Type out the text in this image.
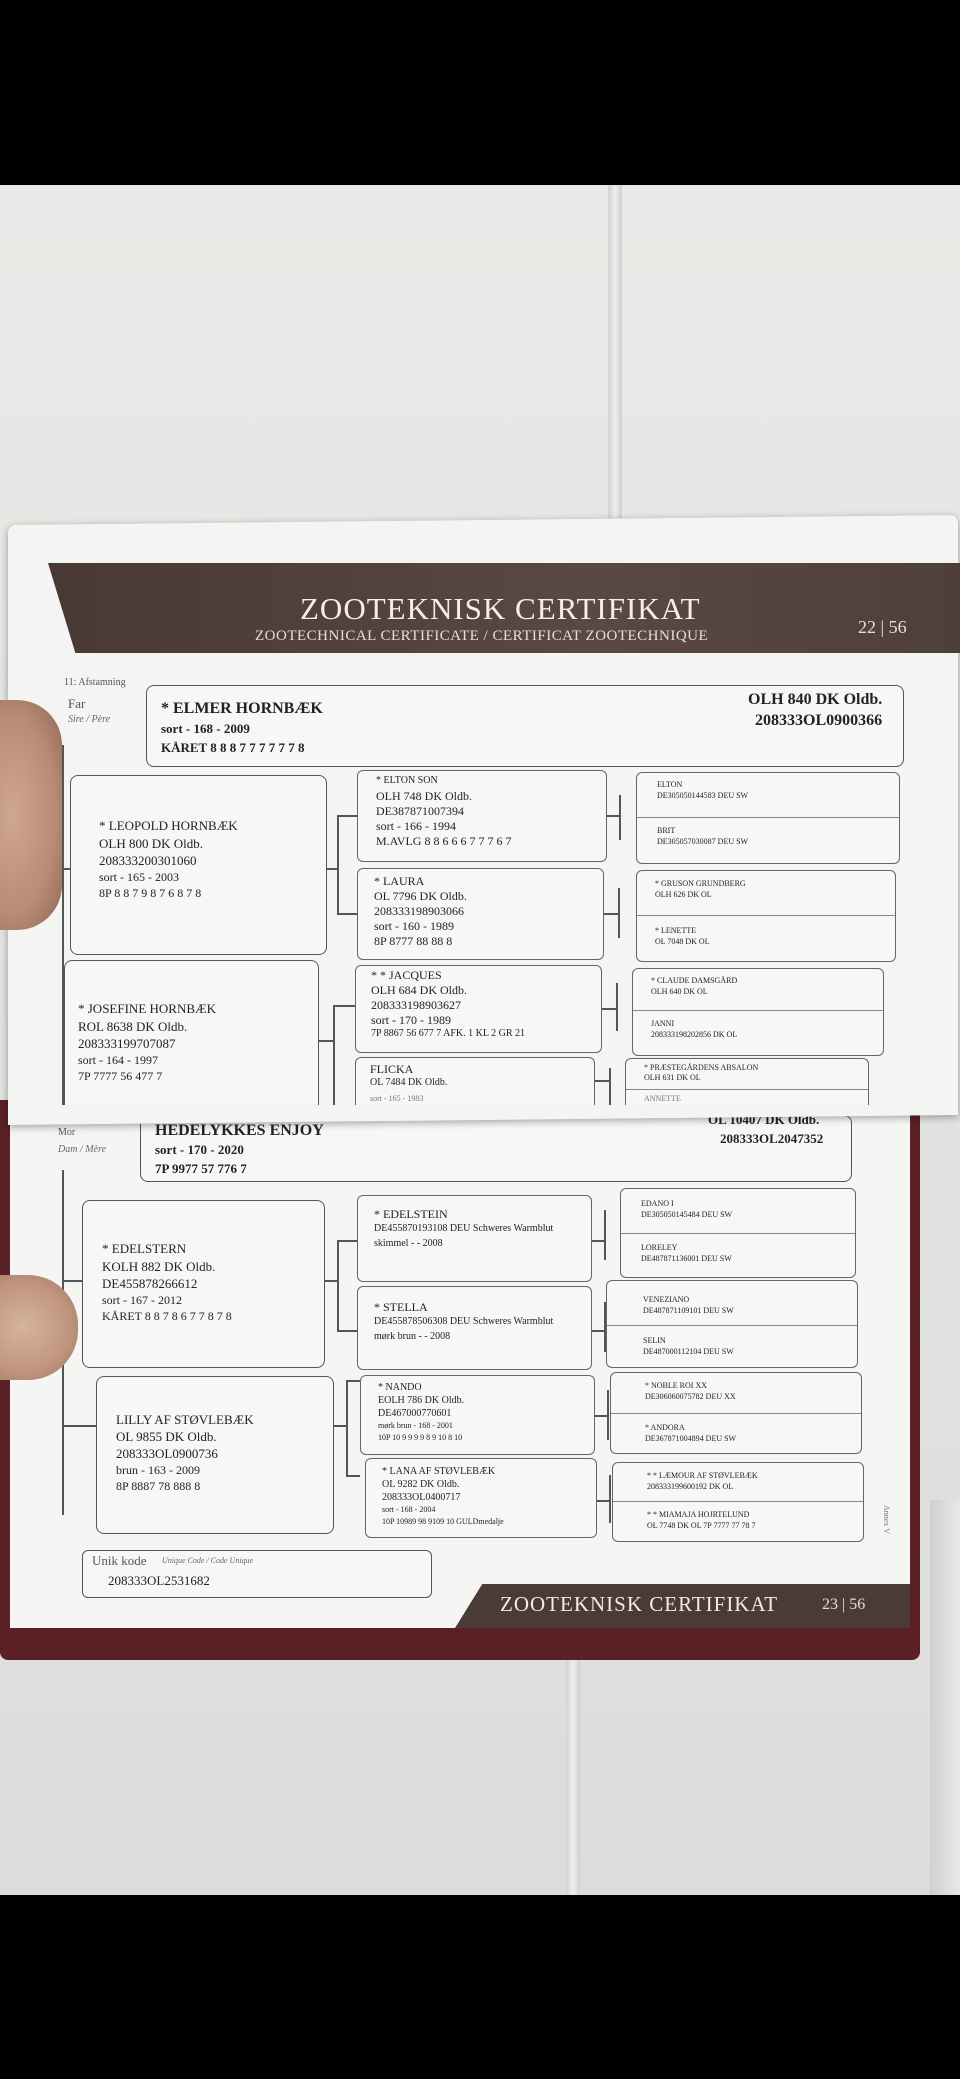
Mor
Dam / Mère
HEDELYKKES ENJOY
sort - 170 - 2020
7P 9977 57 776 7
OL 10407 DK Oldb.
208333OL2047352
* EDELSTERN
KOLH 882 DK Oldb.
DE455878266612
sort - 167 - 2012
KÅRET 8 8 7 8 6 7 7 8 7 8
LILLY AF STØVLEBÆK
OL 9855 DK Oldb.
208333OL0900736
brun - 163 - 2009
8P 8887 78 888 8
* EDELSTEIN
DE455870193108 DEU Schweres Warmblut
skimmel - - 2008
* STELLA
DE455878506308 DEU Schweres Warmblut
mørk brun - - 2008
* NANDO
EOLH 786 DK Oldb.
DE467000770601
mørk brun - 168 - 2001
10P 10 9 9 9 9 8 9 10 8 10
* LANA AF STØVLEBÆK
OL 9282 DK Oldb.
208333OL0400717
sort - 168 - 2004
10P 10989 98 9109 10 GULDmedalje
EDANO I
DE305050145484 DEU SW
LORELEY
DE487871136001 DEU SW
VENEZIANO
DE487871109101 DEU SW
SELIN
DE487000112104 DEU SW
* NOBLE ROI XX
DE306060075782 DEU XX
* ANDORA
DE367871004894 DEU SW
* * LÆMOUR AF STØVLEBÆK
208333199600192 DK OL
* * MIAMAJA HOJRTELUND
OL 7748 DK OL 7P 7777 77 78 7
Unik kode Unique Code / Code Unique
208333OL2531682
ZOOTEKNISK CERTIFIKAT	23 | 56
Annex V
ZOOTEKNISK CERTIFIKAT
ZOOTECHNICAL CERTIFICATE / CERTIFICAT ZOOTECHNIQUE	22 | 56
11: Afstamning
Far
Sire / Père
* ELMER HORNBÆK
sort - 168 - 2009
KÅRET 8 8 8 7 7 7 7 7 7 8
OLH 840 DK Oldb.
208333OL0900366
* LEOPOLD HORNBÆK
OLH 800 DK Oldb.
208333200301060
sort - 165 - 2003
8P 8 8 7 9 8 7 6 8 7 8
* JOSEFINE HORNBÆK
ROL 8638 DK Oldb.
208333199707087
sort - 164 - 1997
7P 7777 56 477 7
* ELTON SON
OLH 748 DK Oldb.
DE387871007394
sort - 166 - 1994
M.AVLG 8 8 6 6 6 7 7 7 6 7
* LAURA
OL 7796 DK Oldb.
208333198903066
sort - 160 - 1989
8P 8777 88 88 8
* * JACQUES
OLH 684 DK Oldb.
208333198903627
sort - 170 - 1989
7P 8867 56 677 7 AFK. 1 KL 2 GR 21
FLICKA
OL 7484 DK Oldb.
sort - 165 - 1983
ELTON
DE305050144583 DEU SW
BRIT
DE305057030087 DEU SW
* GRUSON GRUNDBERG
OLH 626 DK OL
* LENETTE
OL 7048 DK OL
* CLAUDE DAMSGÅRD
OLH 640 DK OL
JANNI
208333198202856 DK OL
* PRÆSTEGÅRDENS ABSALON
OLH 631 DK OL
ANNETTE
